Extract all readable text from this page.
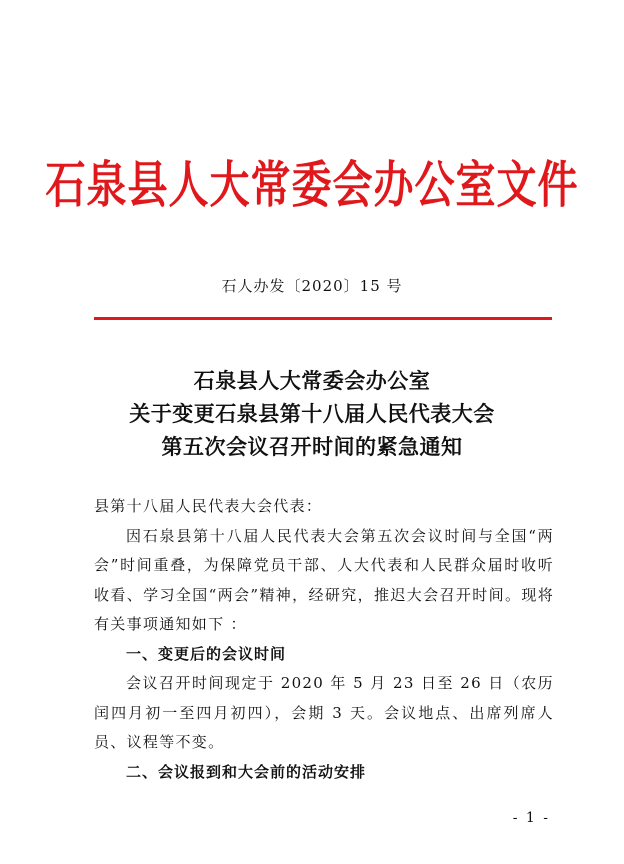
石泉县人大常委会办公室文件
石人办发〔2020〕15 号
石泉县人大常委会办公室
关于变更石泉县第十八届人民代表大会
第五次会议召开时间的紧急通知

县第十八届人民代表大会代表：

因石泉县第十八届人民代表大会第五次会议时间与全国“两会”时间重叠，为保障党员干部、人大代表和人民群众届时收听收看、学习全国“两会”精神，经研究，推迟大会召开时间。现将有关事项通知如下 ：

一、变更后的会议时间

会议召开时间现定于 2020 年 5 月 23 日至 26 日（农历闰四月初一至四月初四），会期 3 天。会议地点、出席列席人员、议程等不变。

二、会议报到和大会前的活动安排

- 1 -
